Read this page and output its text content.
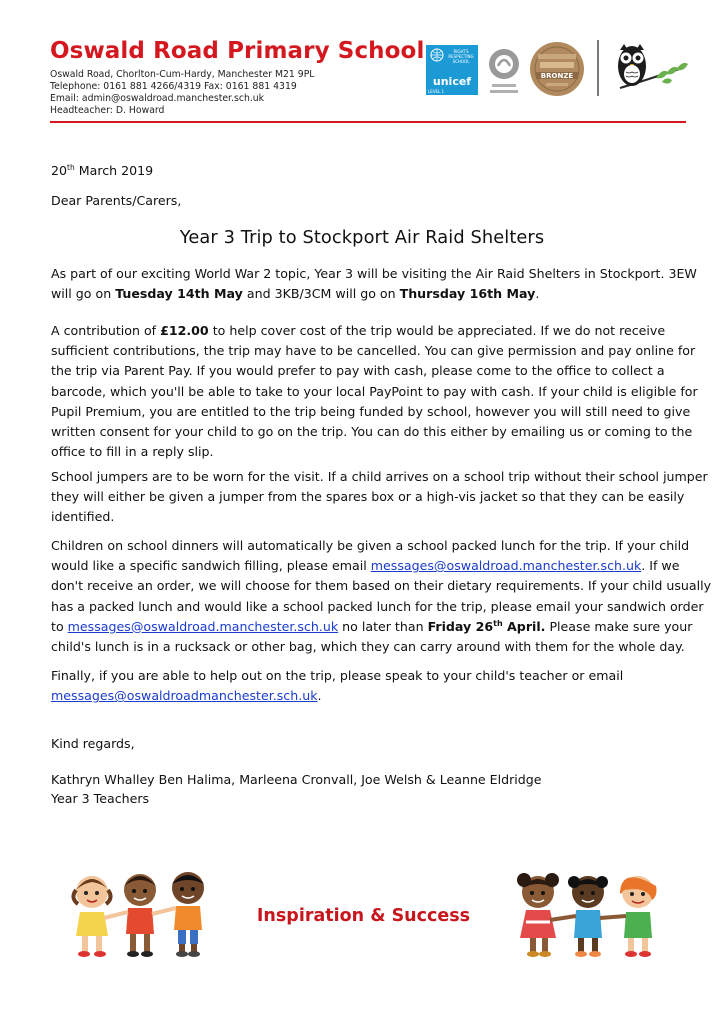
Oswald Road Primary School
Oswald Road, Chorlton-Cum-Hardy, Manchester M21 9PL
Telephone: 0161 881 4266/4319 Fax: 0161 881 4319
Email: admin@oswaldroad.manchester.sch.uk
Headteacher: D. Howard
RIGHTS RESPECTING SCHOOL
unicef
LEVEL 1
BRONZE
20th March 2019
Dear Parents/Carers,
Year 3 Trip to Stockport Air Raid Shelters
As part of our exciting World War 2 topic, Year 3 will be visiting the Air Raid Shelters in Stockport. 3EW
will go on Tuesday 14th May and 3KB/3CM will go on Thursday 16th May.
A contribution of £12.00 to help cover cost of the trip would be appreciated. If we do not receive
sufficient contributions, the trip may have to be cancelled. You can give permission and pay online for
the trip via Parent Pay. If you would prefer to pay with cash, please come to the office to collect a
barcode, which you'll be able to take to your local PayPoint to pay with cash. If your child is eligible for
Pupil Premium, you are entitled to the trip being funded by school, however you will still need to give
written consent for your child to go on the trip. You can do this either by emailing us or coming to the
office to fill in a reply slip.
School jumpers are to be worn for the visit. If a child arrives on a school trip without their school jumper
they will either be given a jumper from the spares box or a high-vis jacket so that they can be easily
identified.
Children on school dinners will automatically be given a school packed lunch for the trip. If your child
would like a specific sandwich filling, please email messages@oswaldroad.manchester.sch.uk. If we
don't receive an order, we will choose for them based on their dietary requirements. If your child usually
has a packed lunch and would like a school packed lunch for the trip, please email your sandwich order
to messages@oswaldroad.manchester.sch.uk no later than Friday 26th April. Please make sure your
child's lunch is in a rucksack or other bag, which they can carry around with them for the whole day.
Finally, if you are able to help out on the trip, please speak to your child's teacher or email
messages@oswaldroadmanchester.sch.uk.
Kind regards,
Kathryn Whalley Ben Halima, Marleena Cronvall, Joe Welsh & Leanne Eldridge
Year 3 Teachers
Inspiration & Success
